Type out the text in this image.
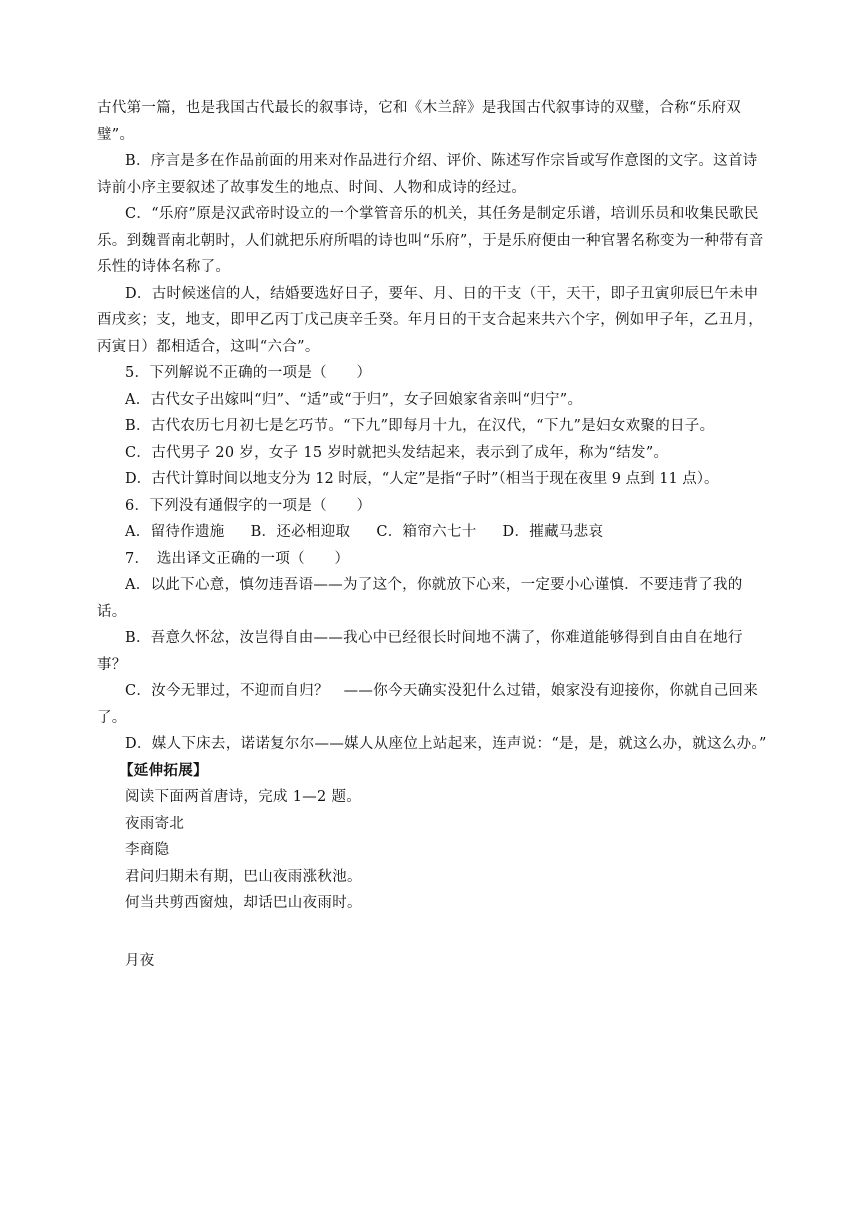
古代第一篇，也是我国古代最长的叙事诗，它和《木兰辞》是我国古代叙事诗的双璧，合称“乐府双璧”。

B．序言是多在作品前面的用来对作品进行介绍、评价、陈述写作宗旨或写作意图的文字。这首诗诗前小序主要叙述了故事发生的地点、时间、人物和成诗的经过。

C．“乐府”原是汉武帝时设立的一个掌管音乐的机关，其任务是制定乐谱，培训乐员和收集民歌民乐。到魏晋南北朝时，人们就把乐府所唱的诗也叫“乐府”，于是乐府便由一种官署名称变为一种带有音乐性的诗体名称了。

D．古时候迷信的人，结婚要选好日子，要年、月、日的干支（干，天干，即子丑寅卯辰巳午未申酉戌亥；支，地支，即甲乙丙丁戊己庚辛壬癸。年月日的干支合起来共六个字，例如甲子年，乙丑月，丙寅日）都相适合，这叫“六合”。

5．下列解说不正确的一项是（　　）

A．古代女子出嫁叫“归”、“适”或“于归”，女子回娘家省亲叫“归宁”。

B．古代农历七月初七是乞巧节。“下九”即每月十九，在汉代，“下九”是妇女欢聚的日子。

C．古代男子 20 岁，女子 15 岁时就把头发结起来，表示到了成年，称为“结发”。

D．古代计算时间以地支分为 12 时辰，“人定”是指“子时”（相当于现在夜里 9 点到 11 点）。

6．下列没有通假字的一项是（　　）

A．留待作遗施 B．还必相迎取 C．箱帘六七十 D．摧藏马悲哀

7．　选出译文正确的一项（　　）

A．以此下心意，慎勿违吾语——为了这个，你就放下心来，一定要小心谨慎．不要违背了我的话。

B．吾意久怀忿，汝岂得自由——我心中已经很长时间地不满了，你难道能够得到自由自在地行事？

C．汝今无罪过，不迎而自归？　——你今天确实没犯什么过错，娘家没有迎接你，你就自己回来了。

D．媒人下床去，诺诺复尔尔——媒人从座位上站起来，连声说：“是，是，就这么办，就这么办。”

【延伸拓展】

阅读下面两首唐诗，完成 1—2 题。

夜雨寄北

李商隐

君问归期未有期，巴山夜雨涨秋池。

何当共剪西窗烛，却话巴山夜雨时。

月夜
